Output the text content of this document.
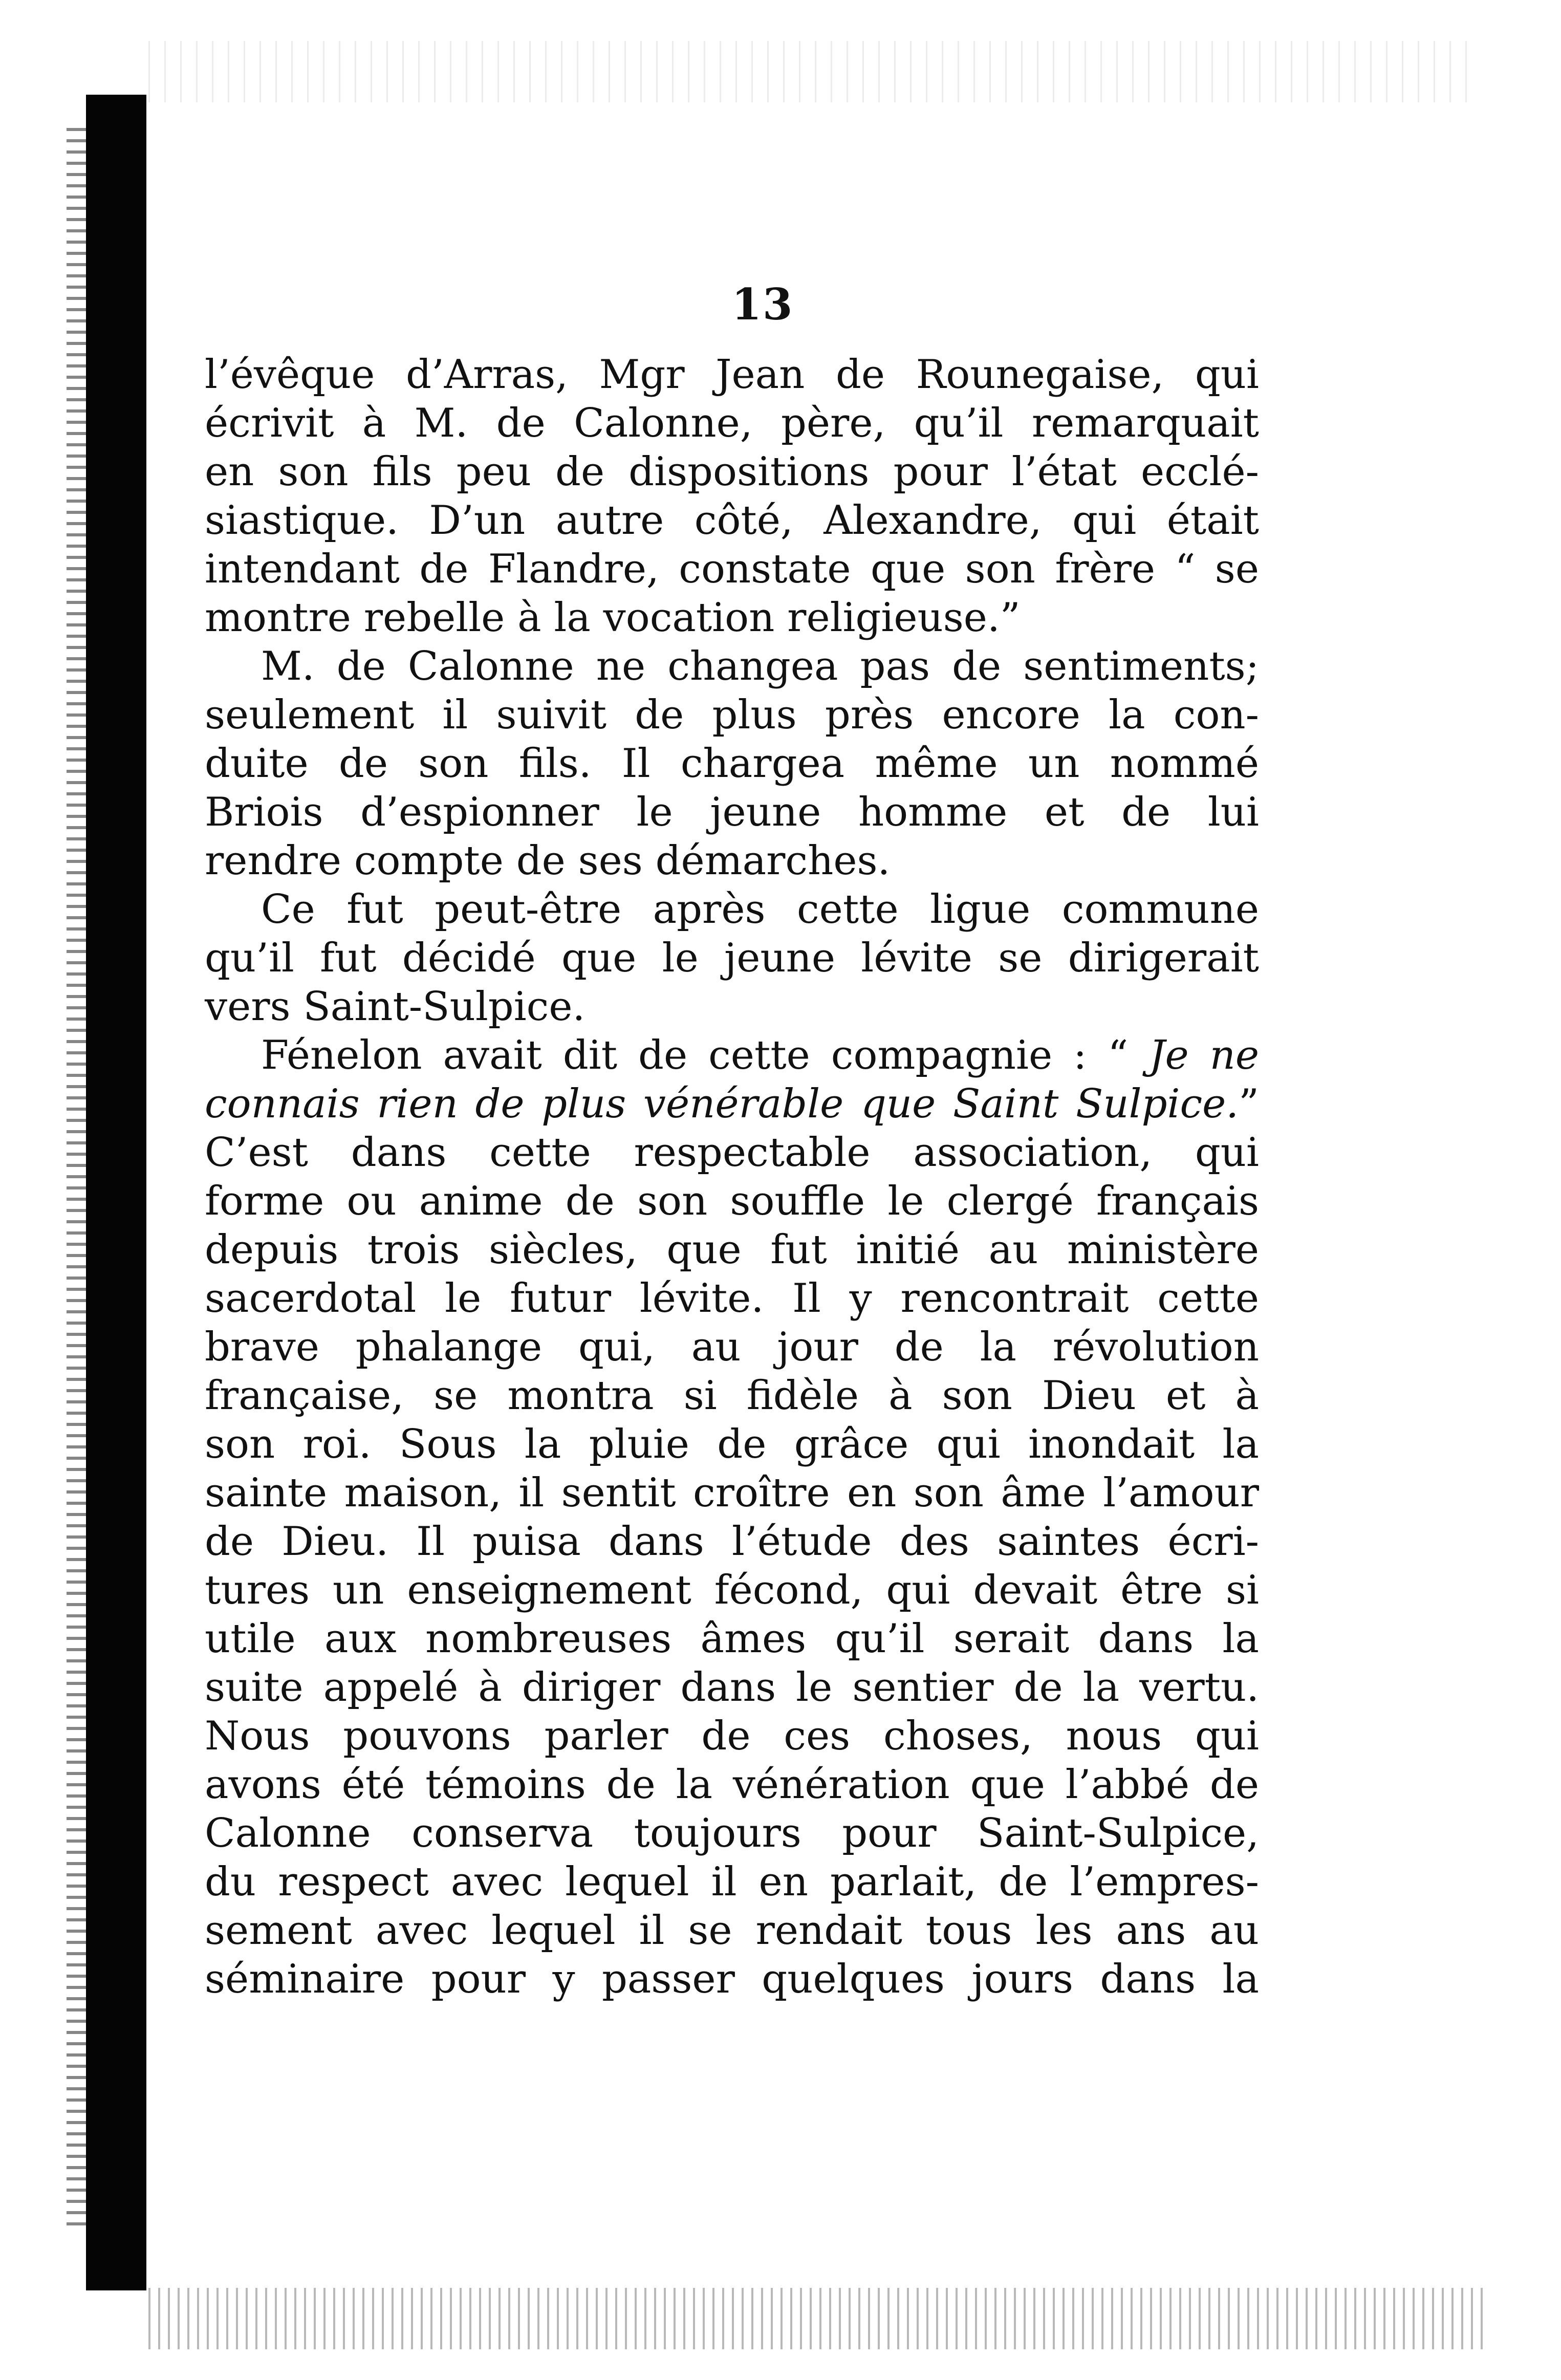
13
l’évêque d’Arras, Mgr Jean de Rounegaise, qui
écrivit à M. de Calonne, père, qu’il remarquait
en son fils peu de dispositions pour l’état ecclé-
siastique. D’un autre côté, Alexandre, qui était
intendant de Flandre, constate que son frère “ se
montre rebelle à la vocation religieuse.”
M. de Calonne ne changea pas de sentiments;
seulement il suivit de plus près encore la con-
duite de son fils. Il chargea même un nommé
Briois d’espionner le jeune homme et de lui
rendre compte de ses démarches.
Ce fut peut-être après cette ligue commune
qu’il fut décidé que le jeune lévite se dirigerait
vers Saint-Sulpice.
Fénelon avait dit de cette compagnie : “ Je ne
connais rien de plus vénérable que Saint Sulpice.”
C’est dans cette respectable association, qui
forme ou anime de son souffle le clergé français
depuis trois siècles, que fut initié au ministère
sacerdotal le futur lévite. Il y rencontrait cette
brave phalange qui, au jour de la révolution
française, se montra si fidèle à son Dieu et à
son roi. Sous la pluie de grâce qui inondait la
sainte maison, il sentit croître en son âme l’amour
de Dieu. Il puisa dans l’étude des saintes écri-
tures un enseignement fécond, qui devait être si
utile aux nombreuses âmes qu’il serait dans la
suite appelé à diriger dans le sentier de la vertu.
Nous pouvons parler de ces choses, nous qui
avons été témoins de la vénération que l’abbé de
Calonne conserva toujours pour Saint-Sulpice,
du respect avec lequel il en parlait, de l’empres-
sement avec lequel il se rendait tous les ans au
séminaire pour y passer quelques jours dans la
